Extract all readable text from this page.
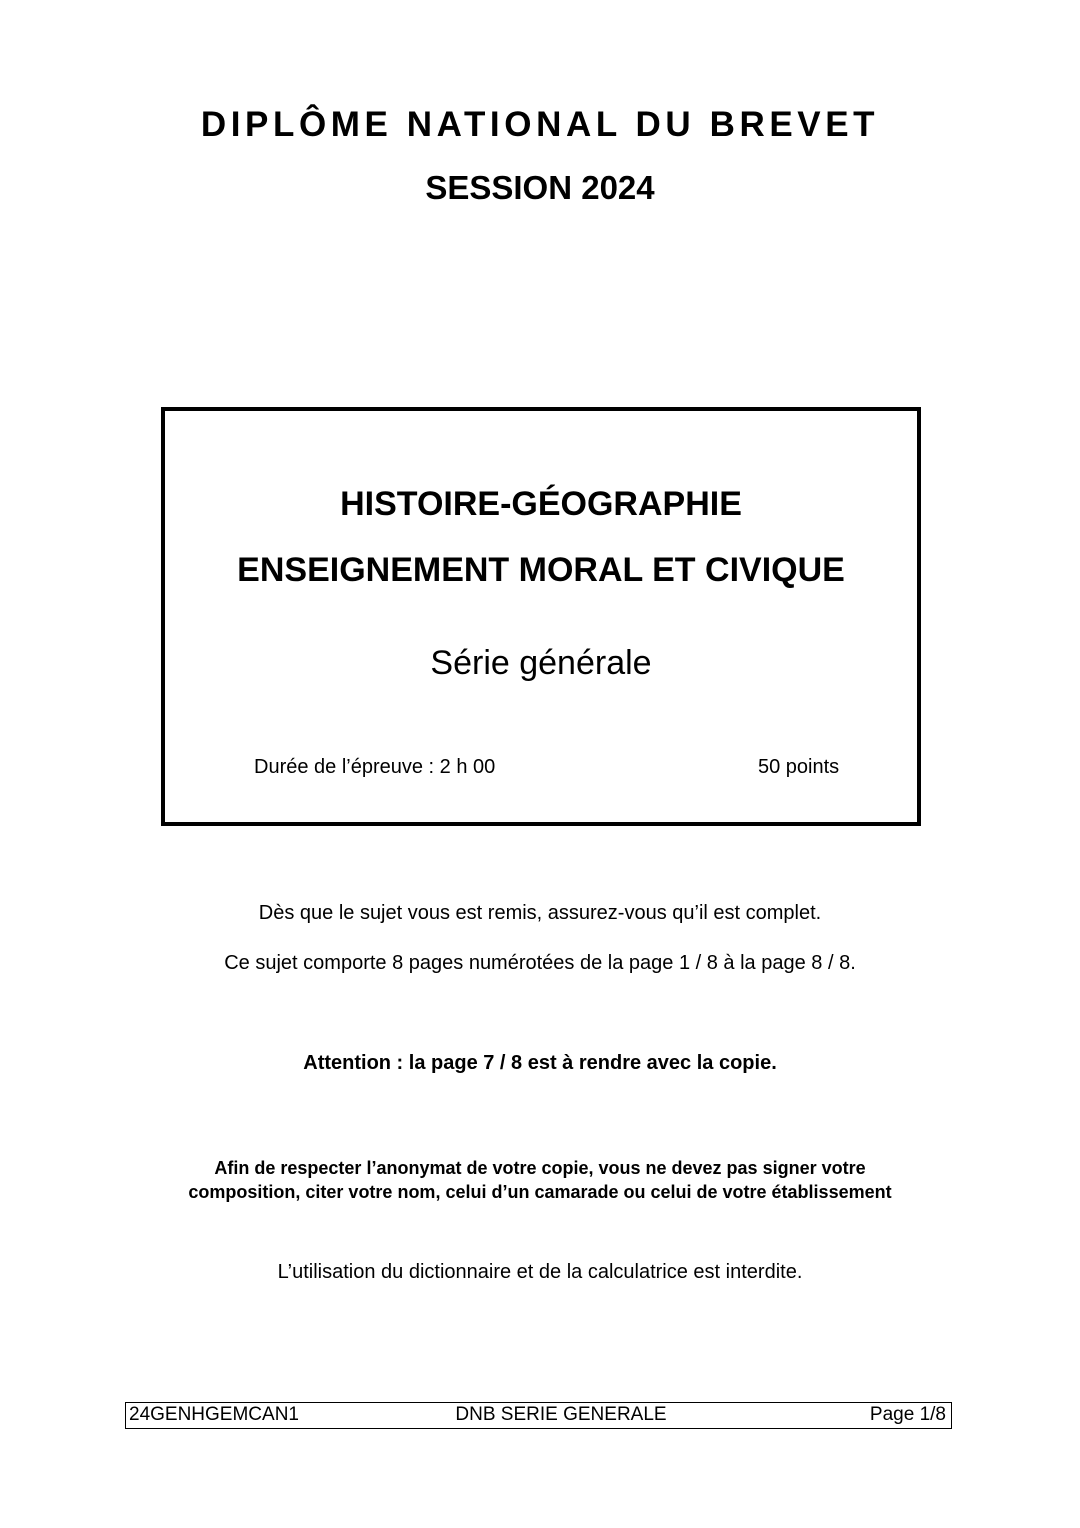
DIPLÔME NATIONAL DU BREVET
SESSION 2024
HISTOIRE-GÉOGRAPHIE
ENSEIGNEMENT MORAL ET CIVIQUE
Série générale
Durée de l’épreuve : 2 h 00	50 points
Dès que le sujet vous est remis, assurez-vous qu’il est complet.
Ce sujet comporte 8 pages numérotées de la page 1 / 8 à la page 8 / 8.
Attention : la page 7 / 8 est à rendre avec la copie.
Afin de respecter l’anonymat de votre copie, vous ne devez pas signer votre
composition, citer votre nom, celui d’un camarade ou celui de votre établissement
L’utilisation du dictionnaire et de la calculatrice est interdite.
24GENHGEMCAN1	DNB SERIE GENERALE	Page 1/8
